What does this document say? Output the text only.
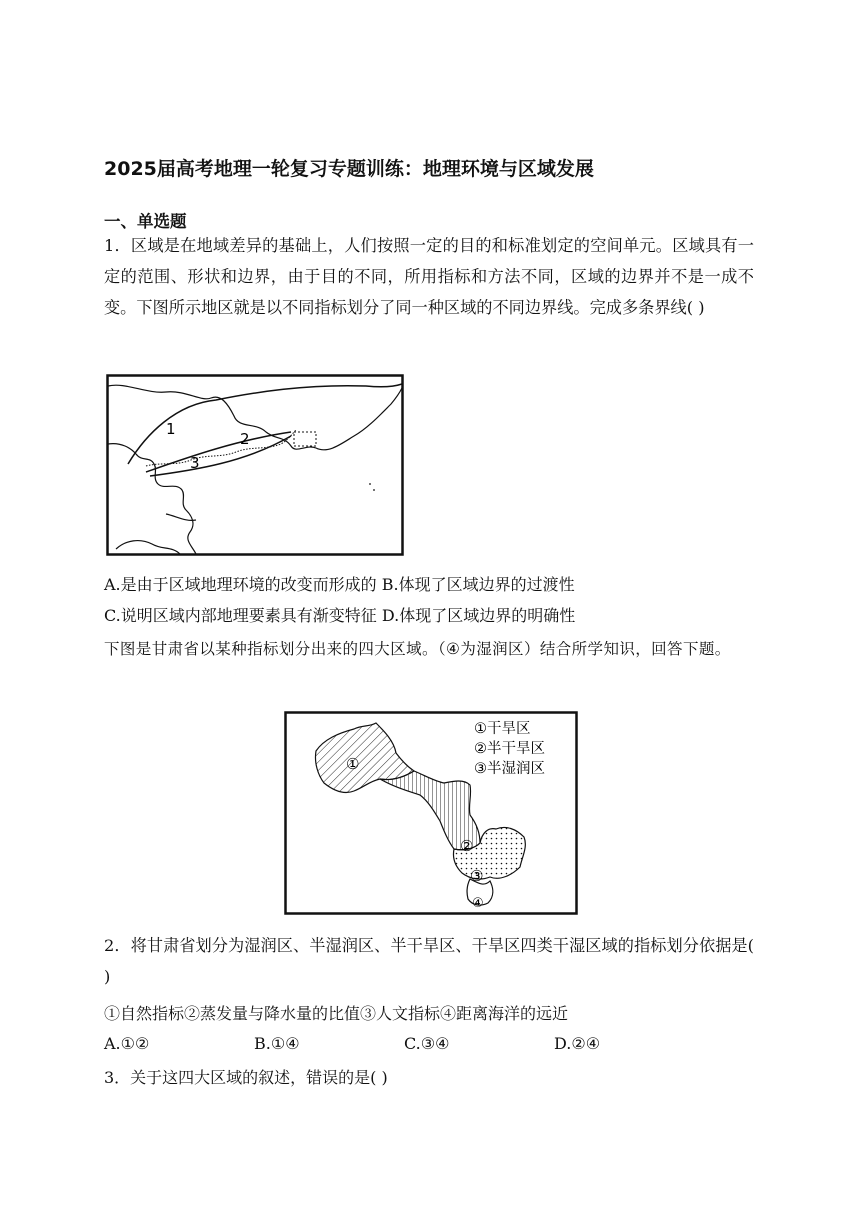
2025届高考地理一轮复习专题训练：地理环境与区域发展
一、单选题
1．区域是在地域差异的基础上，人们按照一定的目的和标准划定的空间单元。区域具有一定的范围、形状和边界，由于目的不同，所用指标和方法不同，区域的边界并不是一成不变。下图所示地区就是以不同指标划分了同一种区域的不同边界线。完成多条界线( )
1
2
3
A.是由于区域地理环境的改变而形成的 B.体现了区域边界的过渡性
C.说明区域内部地理要素具有渐变特征 D.体现了区域边界的明确性
下图是甘肃省以某种指标划分出来的四大区域。（④为湿润区）结合所学知识，回答下题。
①
②
③
④
①干旱区
②半干旱区
③半湿润区
2．将甘肃省划分为湿润区、半湿润区、半干旱区、干旱区四类干湿区域的指标划分依据是( )
①自然指标②蒸发量与降水量的比值③人文指标④距离海洋的远近
A.①②	B.①④	C.③④	D.②④
3．关于这四大区域的叙述，错误的是( )
